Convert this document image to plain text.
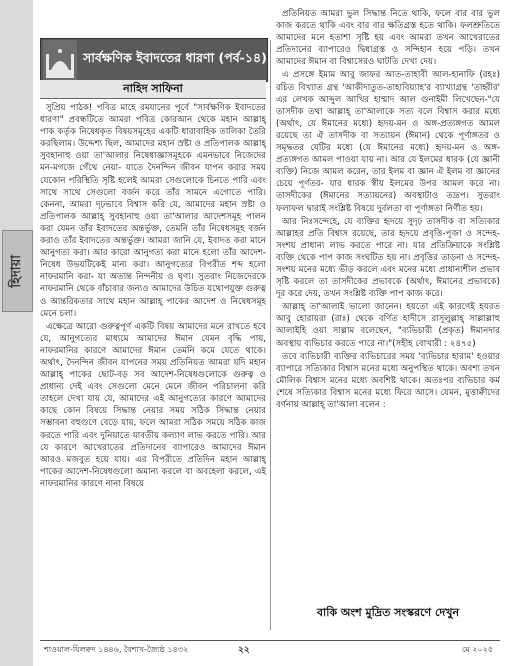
হিদায়া
সার্বক্ষণিক ইবাদতের ধারণা (পর্ব-১৪)
নাহিদ সাফিনা

সুপ্রিয় পাঠক! পবিত্র মাহে রমযানের পূর্বে "সার্বক্ষণিক ইবাদতের ধারণা" প্রবন্ধটিতে আমরা পবিত্র কোরআন থেকে মহান আল্লাহ্ পাক কর্তৃক নিষেধকৃত বিষয়সমূহের একটি ধারাবাহিক তালিকা তৈরি করছিলাম। উদ্দেশ্য ছিল, আমাদের মহান স্রষ্টা ও প্রতিপালক আল্লাহ্ সুবহানাহু ওয়া তা'আলার নিষেধাজ্ঞাসমূহকে এমনভাবে নিজেদের মন-মগজে গেঁথে নেয়া- যাতে দৈনন্দিন জীবন যাপন করার সময় যেকোন পরিস্থিতি সৃষ্টি হলেই আমরা সেগুলোকে চিনতে পারি এবং সাথে সাথে সেগুলো বর্জন করে তাঁর সামনে এগোতে পারি। কেননা, আমরা দৃঢ়ভাবে বিশ্বাস করি যে, আমাদের মহান স্রষ্টা ও প্রতিপালক আল্লাহ্ সুবহানাহু ওয়া তা'আলার আদেশসমূহ পালন করা যেমন তাঁর ইবাদতের অন্তর্ভুক্ত, তেমনি তাঁর নিষেধসমূহ বর্জন করাও তাঁর ইবাদতের অন্তর্ভুক্ত। আমরা জানি যে, ইবাদত করা মানে আনুগত্য করা। আর কারো আনুগত্য করা মানে হলো তাঁর আদেশ-নিষেধ উভয়টিকেই মান্য করা। আনুগত্যের বিপরীত শব্দ হলো নাফরমানি করা- যা অত্যন্ত নিন্দনীয় ও ঘৃণ্য। সুতরাং নিজেদেরকে নাফরমানি থেকে বাঁচাবার জন্যও আমাদের উচিত যথোপযুক্ত গুরুত্ব ও আন্তরিকতার সাথে মহান আল্লাহ্ পাকের আদেশ ও নিষেধসমূহ মেনে চলা।

এক্ষেত্রে আরো গুরুত্বপূর্ণ একটি বিষয় আমাদের মনে রাখতে হবে যে, আনুগত্যের মাধ্যমে আমাদের ঈমান যেমন বৃদ্ধি পায়, নাফরমানির কারণে আমাদের ঈমান তেমনি কমে যেতে থাকে। অর্থাৎ, দৈনন্দিন জীবন যাপনের সময় প্রতিনিয়ত আমরা যদি মহান আল্লাহ্ পাকের ছোট-বড় সব আদেশ-নিষেধগুলোকে গুরুত্ব ও প্রাধান্য দেই এবং সেগুলো মেনে মেনে জীবন পরিচালনা করি তাহলে দেখা যায় যে, আমাদের এই আনুগত্যের কারণে আমাদের কাছে কোন বিষয়ে সিদ্ধান্ত নেয়ার সময় সঠিক সিদ্ধান্ত নেয়ার সম্ভাবনা বহুগুণে বেড়ে যায়, ফলে আমরা সঠিক সময়ে সঠিক কাজ করতে পারি এবং দুনিয়াতে যাবতীয় কল্যাণ লাভ করতে পারি। আর যে কারণে আখেরাতের প্রতিদানের ব্যাপারেও আমাদের ঈমান আরও মজবুত হয়ে যায়। এর বিপরীতে প্রতিদিন মহান আল্লাহ্ পাকের আদেশ-নিষেধগুলো অমান্য করলে বা অবহেলা করলে, এই নাফরমানির কারণে নানা বিষয়ে

প্রতিনিয়ত আমরা ভুল সিদ্ধান্ত নিতে থাকি, ফলে বার বার ভুল কাজ করতে থাকি এবং বার বার ক্ষতিগ্রস্ত হতে থাকি। ফলশ্রুতিতে আমাদের মনে হতাশা সৃষ্টি হয় এবং আমরা তখন আখেরাতের প্রতিদানের ব্যাপারেও দ্বিধাগ্রস্ত ও সন্দিহান হয়ে পড়ি। তখন আমাদের ঈমান বা বিশ্বাসেরও ঘাটতি দেখা দেয়।

এ প্রসঙ্গে ইমাম আবু জাফর আত-তাহাবী আল-হানাফি (রহঃ) রচিত বিখ্যাত গ্রন্থ 'আকীদাতুত-তাহাবিয়্যাহ'র ব্যাখ্যাগ্রন্থ 'তাহ্বীর' এর লেখক আব্দুল আখির হাম্মাদ আল গুনাইমী লিখেছেন-"যে তাসদীক তথা আল্লাহ্ তা'আলাকে সত্য বলে বিশ্বাস করার মধ্যে (অর্থাৎ, যে ঈমানের মধ্যে) হৃদয়-মন ও অঙ্গ-প্রত্যঙ্গগত আমল রয়েছে তা ঐ তাসদীক বা সত্যায়ন (ঈমান) থেকে পূর্ণাঙ্গতর ও সমৃদ্ধতর যেটির মধ্যে (যে ঈমানের মধ্যে) হৃদয়-মন ও অঙ্গ-প্রত্যঙ্গগত আমল পাওয়া যায় না। আর যে ইলমের ধারক (যে জ্ঞানী ব্যক্তি) নিজে আমল করেন, তার ইলম বা জ্ঞান ঐ ইলম বা জ্ঞানের চেয়ে পূর্ণতর- যার ধারক স্বীয় ইলমের উপর আমল করে না। তাসদীকের (ঈমানের সত্যায়নের) অবস্থাটাও তদ্রূপ। সুতরাং ফলাফল দ্বারাই সংশ্লিষ্ট বিষয়ে দুর্বলতা বা পূর্ণাঙ্গতা নির্ণীত হয়।

আর নিঃসন্দেহে, যে ব্যক্তির হৃদয়ে সুদৃঢ় তাসদীক বা সত্যিকার আল্লাহর প্রতি বিশ্বাস রয়েছে, তার হৃদয়ে প্রবৃত্তি-পূজা ও সন্দেহ-সংশয় প্রাধান্য লাভ করতে পারে না। যার প্রতিক্রিয়াকে সংশ্লিষ্ট ব্যক্তি থেকে পাপ কাজ সংঘটিত হয় না। প্রবৃত্তির তাড়না ও সন্দেহ-সংশয় মনের মধ্যে ভীড় করলে এবং মনের মধ্যে প্রাধান্যশীল প্রভাব সৃষ্টি করলে তা তাসদীকের প্রভাবকে (অর্থাৎ, ঈমানের প্রভাবকে) দূর করে দেয়, তখন সংশ্লিষ্ট ব্যক্তি পাপ কাজ করে।

আল্লাহ্ তা'আলাই ভালো জানেন। হয়তো এই কারণেই হযরত আবু হোরায়রা (রাঃ) থেকে বর্ণিত হাদীসে রাসূলুল্লাহ্ সাল্লাল্লাহু আলাইহি ওয়া সাল্লাম বলেছেন, "ব্যভিচারী (প্রকৃত) ঈমানদার অবস্থায় ব্যভিচার করতে পারে না।"(সহীহ বোখারী : ২৪৭৫)

তবে ব্যভিচারী ব্যক্তির ব্যভিচারের সময় 'ব্যভিচার হারাম' হওয়ার ব্যাপারে সত্যিকার বিশ্বাস মনের মধ্যে অনুপস্থিত থাকে। অবশ্য তখন মৌলিক বিশ্বাস মনের মধ্যে অবশিষ্ট থাকে। অতঃপর ব্যভিচার কর্ম শেষে সত্যিকার বিশ্বাস মনের মধ্যে ফিরে আসে। যেমন, মুত্তাক্বীদের বর্ণনায় আল্লাহ্ তা'আলা বলেন :

বাকি অংশ মুদ্রিত সংস্করণে দেখুন
শাওয়াল-যিলক্বদ ১৪৪৬, বৈশাখ-জ্যৈষ্ঠ ১৪৩২	২২	মে ২০২৫
